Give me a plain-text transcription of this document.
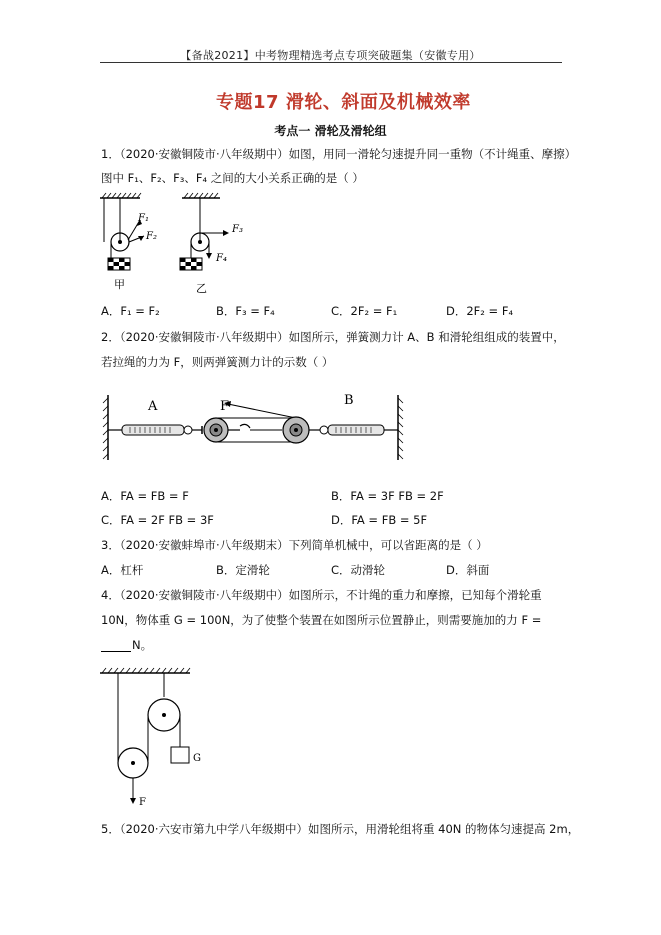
【备战2021】中考物理精选考点专项突破题集（安徽专用）
专题17 滑轮、斜面及机械效率
考点一 滑轮及滑轮组
1．（2020·安徽铜陵市·八年级期中）如图，用同一滑轮匀速提升同一重物（不计绳重、摩擦）
图中 F₁、F₂、F₃、F₄ 之间的大小关系正确的是（ ）
F₁
F₂
甲
F₃
F₄
乙
A．F₁ = F₂	B．F₃ = F₄	C．2F₂ = F₁	D．2F₂ = F₄
2．（2020·安徽铜陵市·八年级期中）如图所示，弹簧测力计 A、B 和滑轮组组成的装置中，
若拉绳的力为 F，则两弹簧测力计的示数（ ）
A	F	B
A．FA = FB = F	B．FA = 3F FB = 2F
C．FA = 2F FB = 3F	D．FA = FB = 5F
3．（2020·安徽蚌埠市·八年级期末）下列简单机械中，可以省距离的是（ ）
A．杠杆	B．定滑轮	C．动滑轮	D．斜面
4．（2020·安徽铜陵市·八年级期中）如图所示，不计绳的重力和摩擦，已知每个滑轮重
10N，物体重 G = 100N，为了使整个装置在如图所示位置静止，则需要施加的力 F =
N。
G
F
5．（2020·六安市第九中学八年级期中）如图所示，用滑轮组将重 40N 的物体匀速提高 2m，
